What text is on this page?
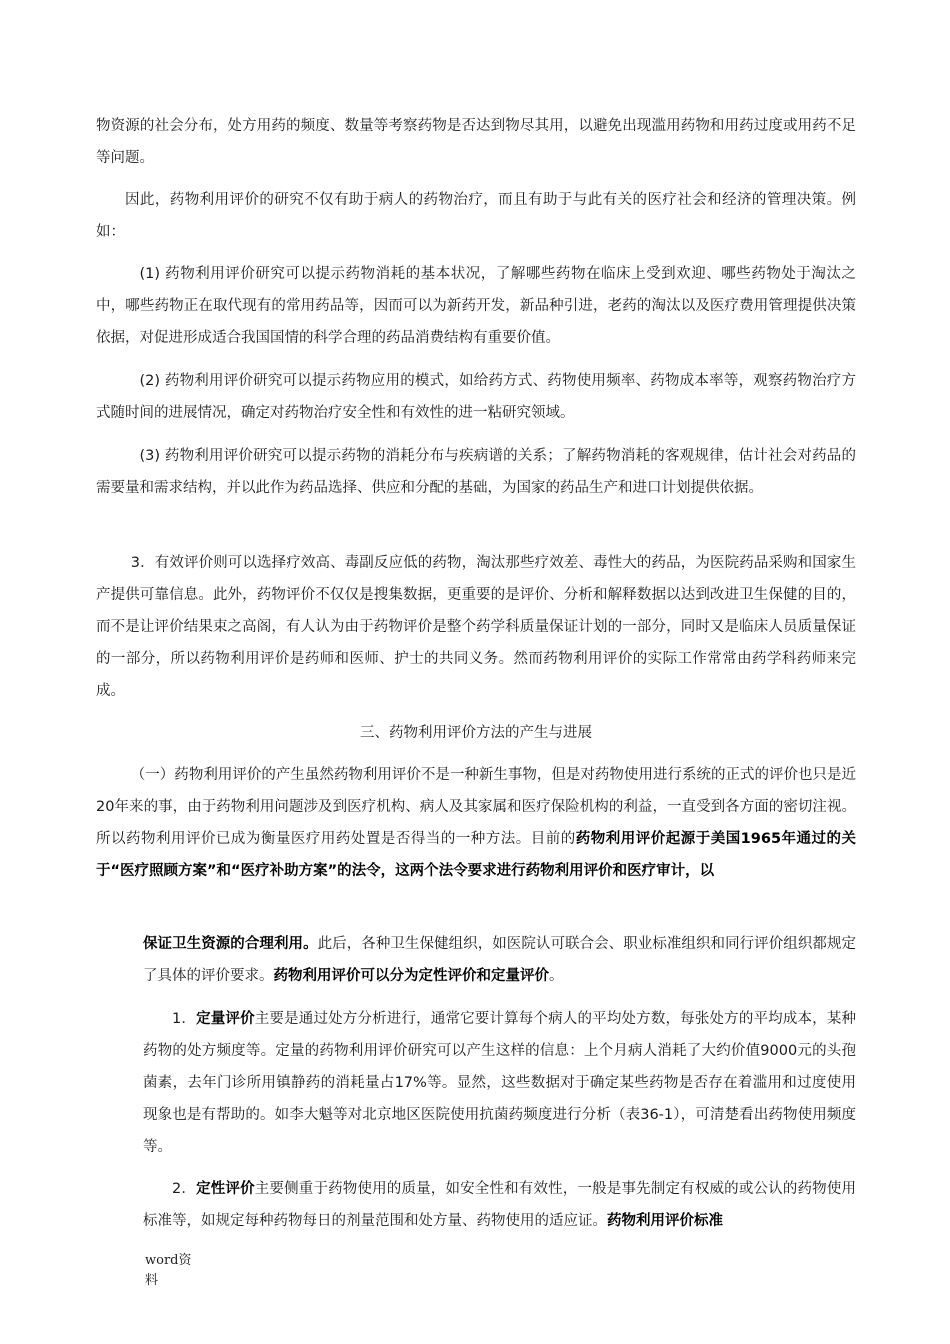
物资源的社会分布，处方用药的频度、数量等考察药物是否达到物尽其用，以避免出现滥用药物和用药过度或用药不足等问题。

因此，药物利用评价的研究不仅有助于病人的药物治疗，而且有助于与此有关的医疗社会和经济的管理决策。例如：

(1) 药物利用评价研究可以提示药物消耗的基本状况，了解哪些药物在临床上受到欢迎、哪些药物处于淘汰之中，哪些药物正在取代现有的常用药品等，因而可以为新药开发，新品种引进，老药的淘汰以及医疗费用管理提供决策依据，对促进形成适合我国国情的科学合理的药品消费结构有重要价值。

(2) 药物利用评价研究可以提示药物应用的模式，如给药方式、药物使用频率、药物成本率等，观察药物治疗方式随时间的进展情况，确定对药物治疗安全性和有效性的进一粘研究领域。

(3) 药物利用评价研究可以提示药物的消耗分布与疾病谱的关系；了解药物消耗的客观规律，估计社会对药品的需要量和需求结构，并以此作为药品选择、供应和分配的基础，为国家的药品生产和进口计划提供依据。

3．有效评价则可以选择疗效高、毒副反应低的药物，淘汰那些疗效差、毒性大的药品，为医院药品采购和国家生产提供可靠信息。此外，药物评价不仅仅是搜集数据，更重要的是评价、分析和解释数据以达到改进卫生保健的目的，而不是让评价结果束之高阁，有人认为由于药物评价是整个药学科质量保证计划的一部分，同时又是临床人员质量保证的一部分，所以药物利用评价是药师和医师、护士的共同义务。然而药物利用评价的实际工作常常由药学科药师来完成。

三、药物利用评价方法的产生与进展

（一）药物利用评价的产生虽然药物利用评价不是一种新生事物，但是对药物使用进行系统的正式的评价也只是近20年来的事，由于药物利用问题涉及到医疗机构、病人及其家属和医疗保险机构的利益，一直受到各方面的密切注视。所以药物利用评价已成为衡量医疗用药处置是否得当的一种方法。目前的药物利用评价起源于美国1965年通过的关于“医疗照顾方案”和“医疗补助方案”的法令，这两个法令要求进行药物利用评价和医疗审计，以

保证卫生资源的合理利用。此后，各种卫生保健组织，如医院认可联合会、职业标准组织和同行评价组织都规定了具体的评价要求。药物利用评价可以分为定性评价和定量评价。

1．定量评价主要是通过处方分析进行，通常它要计算每个病人的平均处方数，每张处方的平均成本，某种药物的处方频度等。定量的药物利用评价研究可以产生这样的信息：上个月病人消耗了大约价值9000元的头孢菌素，去年门诊所用镇静药的消耗量占17%等。显然，这些数据对于确定某些药物是否存在着滥用和过度使用现象也是有帮助的。如李大魁等对北京地区医院使用抗菌药频度进行分析（表36-1），可清楚看出药物使用频度等。

2．定性评价主要侧重于药物使用的质量，如安全性和有效性，一般是事先制定有权威的或公认的药物使用标准等，如规定每种药物每日的剂量范围和处方量、药物使用的适应证。药物利用评价标准

word资
料
